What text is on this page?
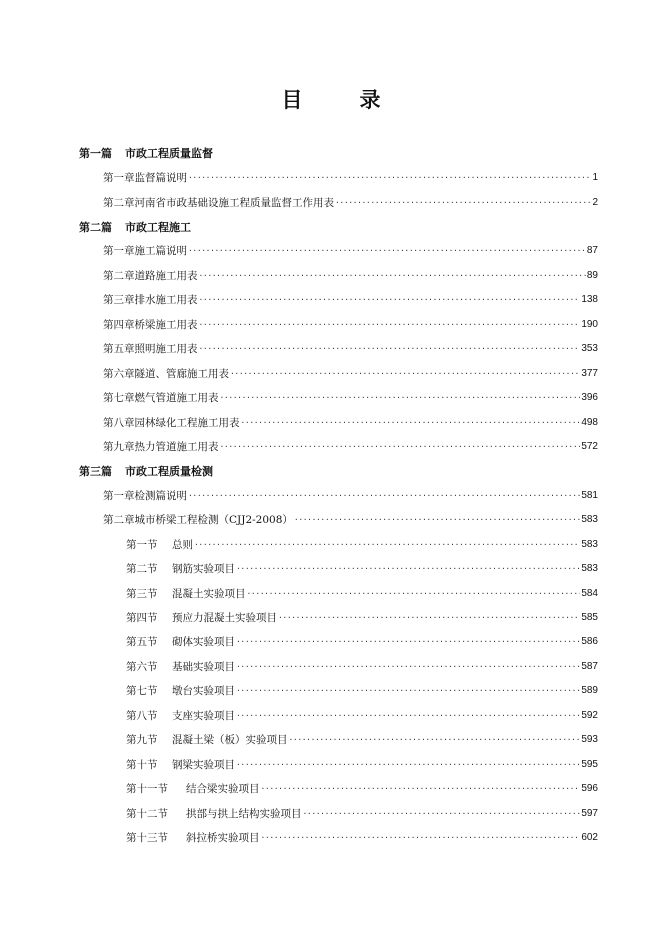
目　录
第一篇	市政工程质量监督
第一章 监督篇说明 ·····	1
第二章 河南省市政基础设施工程质量监督工作用表 ·····	2
第二篇	市政工程施工
第一章 施工篇说明 ·····	87
第二章 道路施工用表 ·····	89
第三章 排水施工用表 ·····	138
第四章 桥梁施工用表 ·····	190
第五章 照明施工用表 ·····	353
第六章 隧道、管廊施工用表 ·····	377
第七章 燃气管道施工用表 ·····	396
第八章 园林绿化工程施工用表 ·····	498
第九章 热力管道施工用表 ·····	572
第三篇	市政工程质量检测
第一章 检测篇说明 ·····	581
第二章 城市桥梁工程检测（CJJ2-2008） ·····	583
第一节	总则 ·····	583
第二节	钢筋实验项目 ·····	583
第三节	混凝土实验项目 ·····	584
第四节	预应力混凝土实验项目 ·····	585
第五节	砌体实验项目 ·····	586
第六节	基础实验项目 ·····	587
第七节	墩台实验项目 ·····	589
第八节	支座实验项目 ·····	592
第九节	混凝土梁（板）实验项目 ·····	593
第十节	钢梁实验项目 ·····	595
第十一节	结合梁实验项目 ·····	596
第十二节	拱部与拱上结构实验项目 ·····	597
第十三节	斜拉桥实验项目 ·····	602
